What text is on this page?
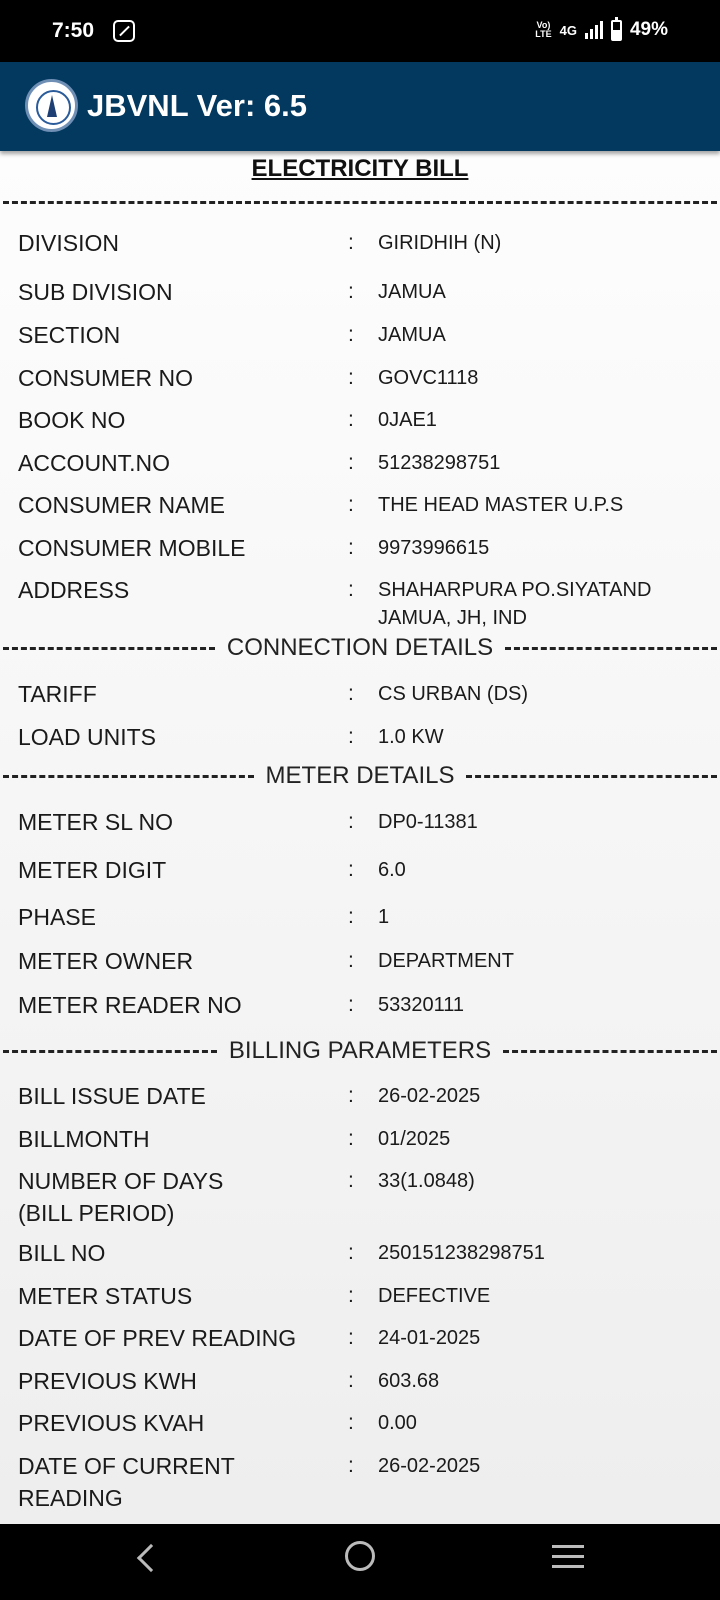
7:50	Vo)
LTE 4G	49%
JBVNL Ver: 6.5
ELECTRICITY BILL
DIVISION	: GIRIDHIH (N)
SUB DIVISION	: JAMUA
SECTION	: JAMUA
CONSUMER NO	: GOVC1118
BOOK NO	: 0JAE1
ACCOUNT.NO	: 51238298751
CONSUMER NAME	: THE HEAD MASTER U.P.S
CONSUMER MOBILE	: 9973996615
ADDRESS	: SHAHARPURA PO.SIYATAND JAMUA, JH, IND
CONNECTION DETAILS
TARIFF	: CS URBAN (DS)
LOAD UNITS	: 1.0 KW
METER DETAILS
METER SL NO	: DP0-11381
METER DIGIT	: 6.0
PHASE	: 1
METER OWNER	: DEPARTMENT
METER READER NO	: 53320111
BILLING PARAMETERS
BILL ISSUE DATE	: 26-02-2025
BILLMONTH	: 01/2025
NUMBER OF DAYS
(BILL PERIOD)
: 33(1.0848)
BILL NO	: 250151238298751
METER STATUS	: DEFECTIVE
DATE OF PREV READING : 24-01-2025
PREVIOUS KWH	: 603.68
PREVIOUS KVAH	: 0.00
DATE OF CURRENT
READING
: 26-02-2025
